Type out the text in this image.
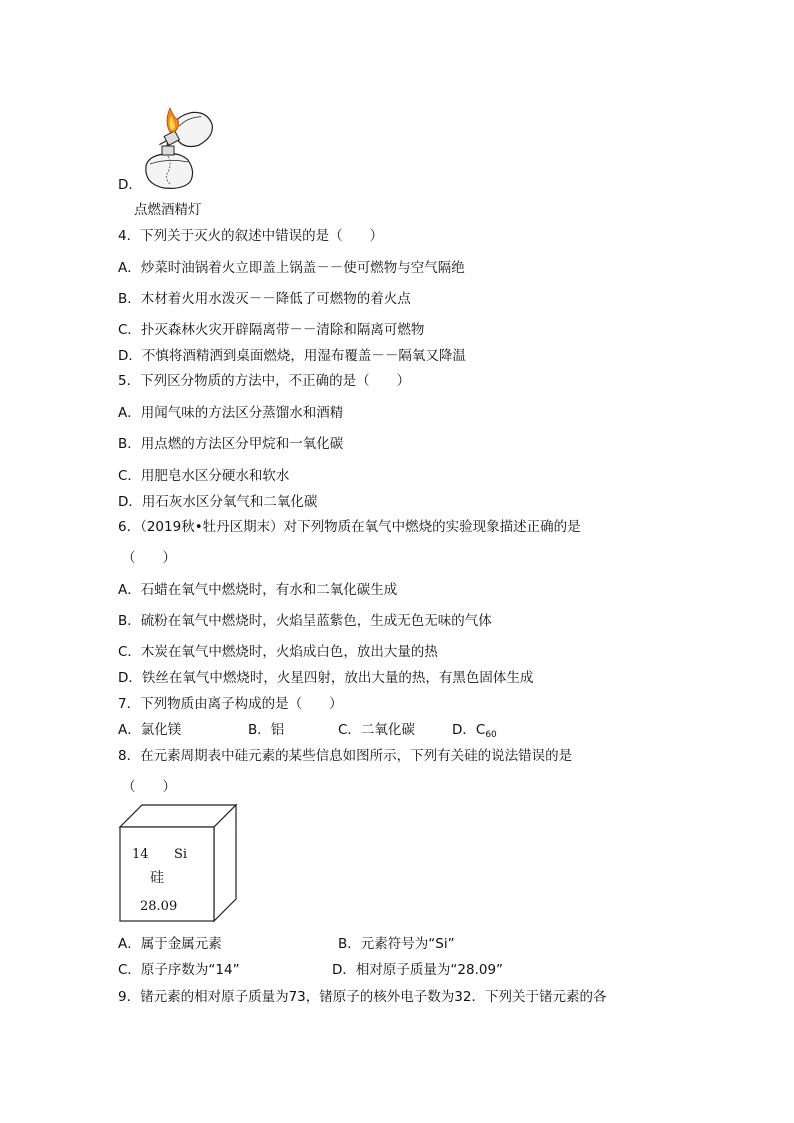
D．
点燃酒精灯
4．下列关于灭火的叙述中错误的是（　　）
A．炒菜时油锅着火立即盖上锅盖－－使可燃物与空气隔绝
B．木材着火用水泼灭－－降低了可燃物的着火点
C．扑灭森林火灾开辟隔离带－－清除和隔离可燃物
D．不慎将酒精洒到桌面燃烧，用湿布覆盖－－隔氧又降温
5．下列区分物质的方法中，不正确的是（　　）
A．用闻气味的方法区分蒸馏水和酒精
B．用点燃的方法区分甲烷和一氧化碳
C．用肥皂水区分硬水和软水
D．用石灰水区分氧气和二氧化碳
6．（2019秋•牡丹区期末）对下列物质在氧气中燃烧的实验现象描述正确的是
（　　）
A．石蜡在氧气中燃烧时，有水和二氧化碳生成
B．硫粉在氧气中燃烧时，火焰呈蓝紫色，生成无色无味的气体
C．木炭在氧气中燃烧时，火焰成白色，放出大量的热
D．铁丝在氧气中燃烧时，火星四射，放出大量的热，有黑色固体生成
7．下列物质由离子构成的是（　　）
A．氯化镁	B．铝	C．二氧化碳	D．$C_{60}$
8．在元素周期表中硅元素的某些信息如图所示，下列有关硅的说法错误的是
（　　）
14 Si
硅
28.09
A．属于金属元素	B．元素符号为“Si”
C．原子序数为“14”	D．相对原子质量为“28.09”
9．锗元素的相对原子质量为73，锗原子的核外电子数为32．下列关于锗元素的各
